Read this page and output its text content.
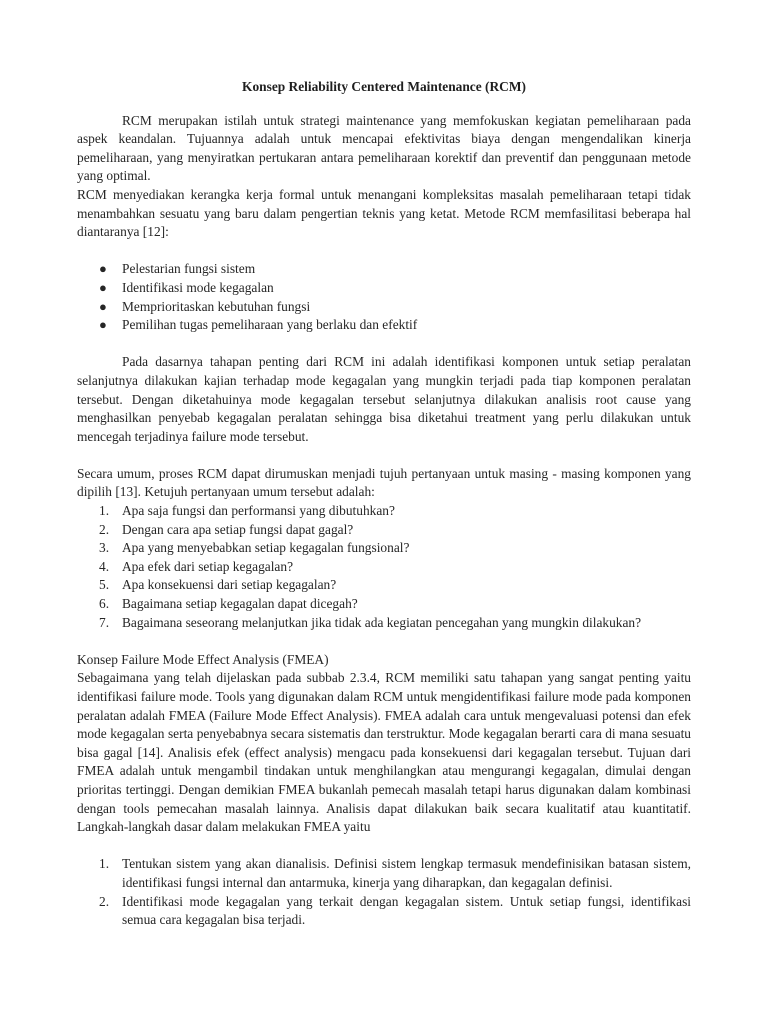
Konsep Reliability Centered Maintenance (RCM)

RCM merupakan istilah untuk strategi maintenance yang memfokuskan kegiatan pemeliharaan pada aspek keandalan. Tujuannya adalah untuk mencapai efektivitas biaya dengan mengendalikan kinerja pemeliharaan, yang menyiratkan pertukaran antara pemeliharaan korektif dan preventif dan penggunaan metode yang optimal.

RCM menyediakan kerangka kerja formal untuk menangani kompleksitas masalah pemeliharaan tetapi tidak menambahkan sesuatu yang baru dalam pengertian teknis yang ketat. Metode RCM memfasilitasi beberapa hal diantaranya [12]:

● Pelestarian fungsi sistem
● Identifikasi mode kegagalan
● Memprioritaskan kebutuhan fungsi
● Pemilihan tugas pemeliharaan yang berlaku dan efektif

Pada dasarnya tahapan penting dari RCM ini adalah identifikasi komponen untuk setiap peralatan selanjutnya dilakukan kajian terhadap mode kegagalan yang mungkin terjadi pada tiap komponen peralatan tersebut. Dengan diketahuinya mode kegagalan tersebut selanjutnya dilakukan analisis root cause yang menghasilkan penyebab kegagalan peralatan sehingga bisa diketahui treatment yang perlu dilakukan untuk mencegah terjadinya failure mode tersebut.

Secara umum, proses RCM dapat dirumuskan menjadi tujuh pertanyaan untuk masing - masing komponen yang dipilih [13]. Ketujuh pertanyaan umum tersebut adalah:

1. Apa saja fungsi dan performansi yang dibutuhkan?
2. Dengan cara apa setiap fungsi dapat gagal?
3. Apa yang menyebabkan setiap kegagalan fungsional?
4. Apa efek dari setiap kegagalan?
5. Apa konsekuensi dari setiap kegagalan?
6. Bagaimana setiap kegagalan dapat dicegah?
7. Bagaimana seseorang melanjutkan jika tidak ada kegiatan pencegahan yang mungkin dilakukan?

Konsep Failure Mode Effect Analysis (FMEA)

Sebagaimana yang telah dijelaskan pada subbab 2.3.4, RCM memiliki satu tahapan yang sangat penting yaitu identifikasi failure mode. Tools yang digunakan dalam RCM untuk mengidentifikasi failure mode pada komponen peralatan adalah FMEA (Failure Mode Effect Analysis). FMEA adalah cara untuk mengevaluasi potensi dan efek mode kegagalan serta penyebabnya secara sistematis dan terstruktur. Mode kegagalan berarti cara di mana sesuatu bisa gagal [14]. Analisis efek (effect analysis) mengacu pada konsekuensi dari kegagalan tersebut. Tujuan dari FMEA adalah untuk mengambil tindakan untuk menghilangkan atau mengurangi kegagalan, dimulai dengan prioritas tertinggi. Dengan demikian FMEA bukanlah pemecah masalah tetapi harus digunakan dalam kombinasi dengan tools pemecahan masalah lainnya. Analisis dapat dilakukan baik secara kualitatif atau kuantitatif. Langkah-langkah dasar dalam melakukan FMEA yaitu

1. Tentukan sistem yang akan dianalisis. Definisi sistem lengkap termasuk mendefinisikan batasan sistem, identifikasi fungsi internal dan antarmuka, kinerja yang diharapkan, dan kegagalan definisi.
2. Identifikasi mode kegagalan yang terkait dengan kegagalan sistem. Untuk setiap fungsi, identifikasi semua cara kegagalan bisa terjadi.
